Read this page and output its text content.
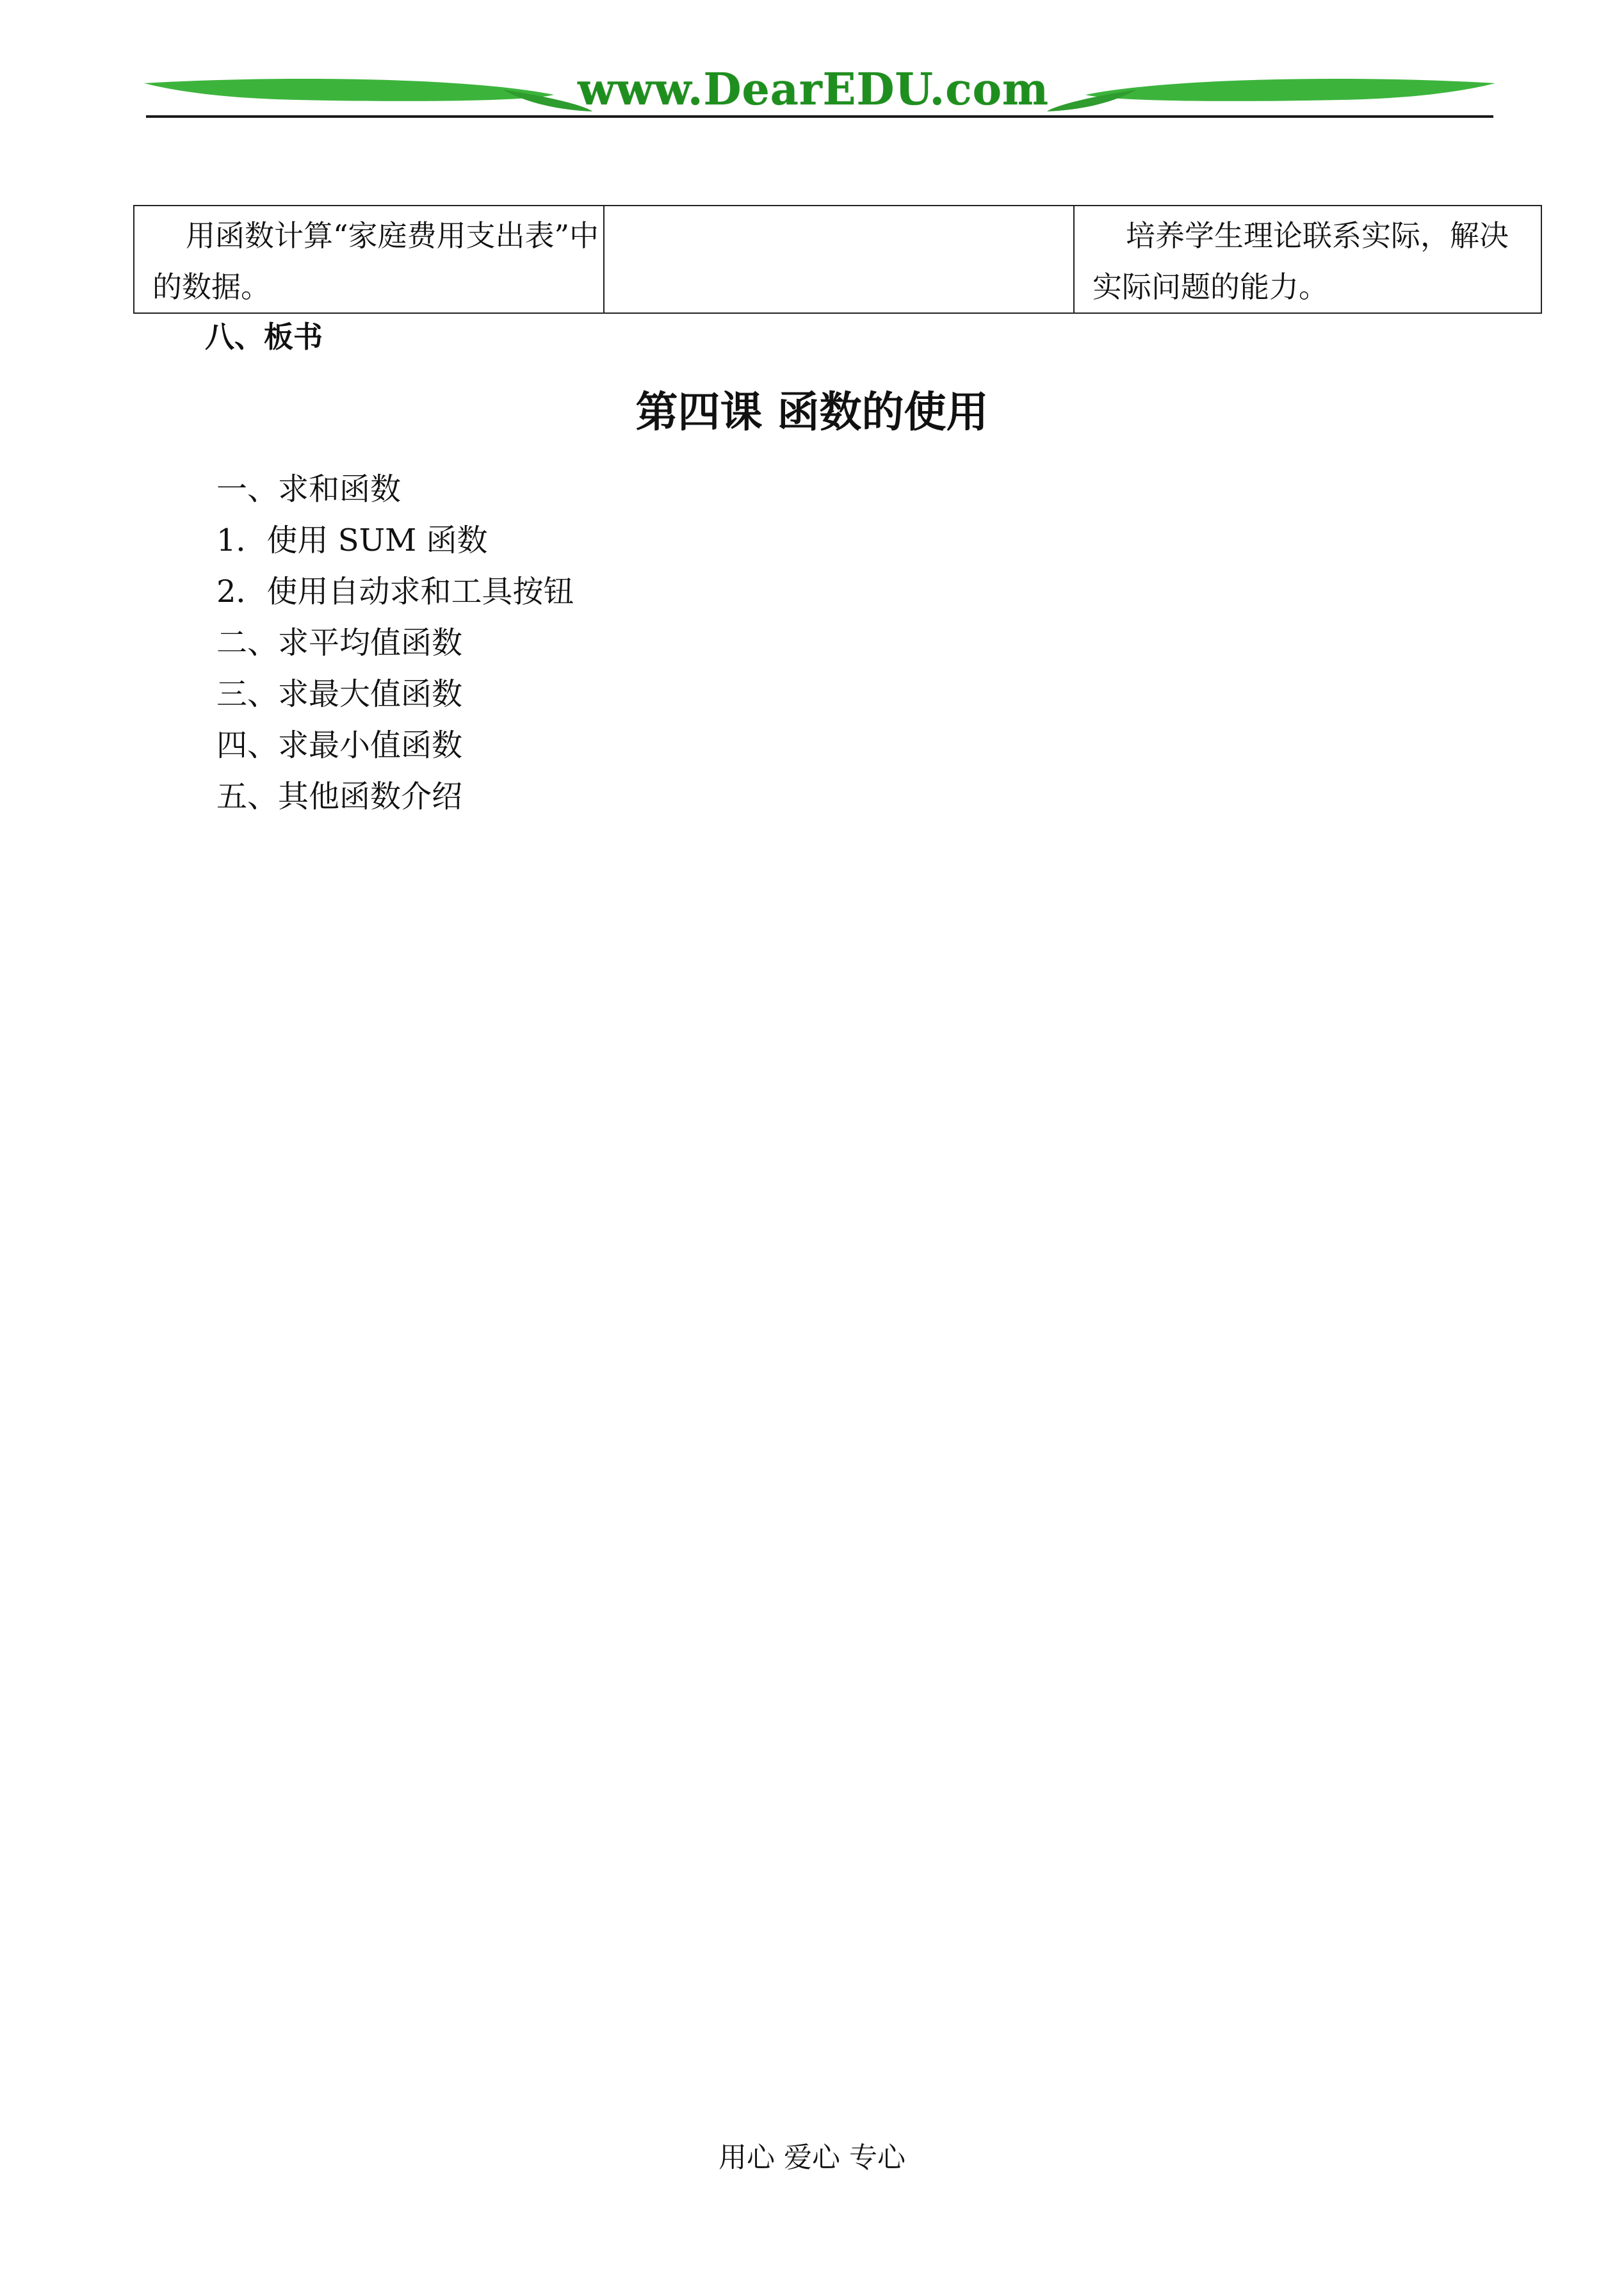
www.DearEDU.com
用函数计算“家庭费用支出表”中的数据。		培养学生理论联系实际，解决实际问题的能力。
八、板书
第四课 函数的使用
一、求和函数
1．使用 SUM 函数
2．使用自动求和工具按钮
二、求平均值函数
三、求最大值函数
四、求最小值函数
五、其他函数介绍
用心 爱心 专心
